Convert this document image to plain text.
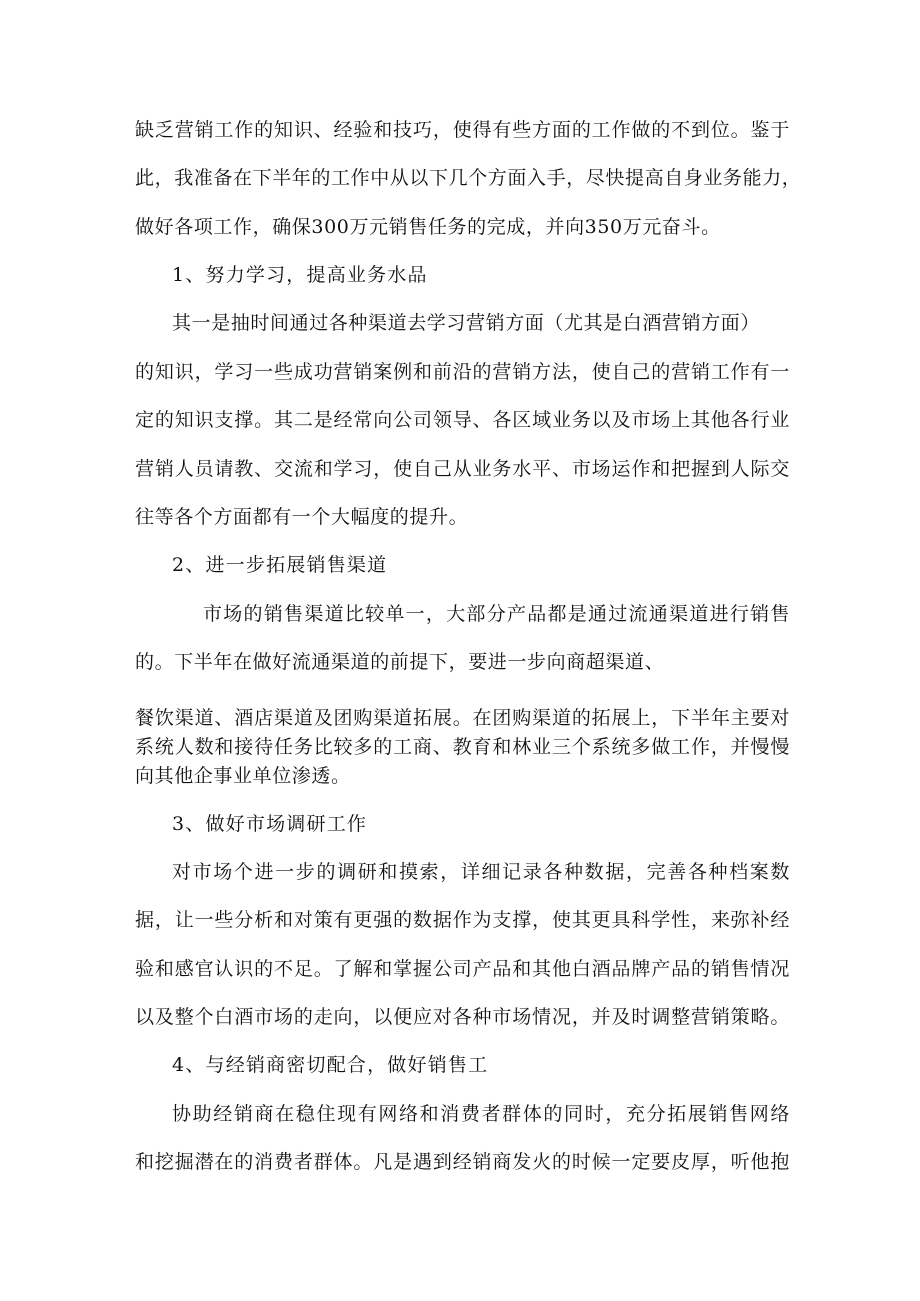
缺乏营销工作的知识、经验和技巧，使得有些方面的工作做的不到位。鉴于
此，我准备在下半年的工作中从以下几个方面入手，尽快提高自身业务能力，
做好各项工作，确保300万元销售任务的完成，并向350万元奋斗。
1、努力学习，提高业务水品
其一是抽时间通过各种渠道去学习营销方面（尤其是白酒营销方面）
的知识，学习一些成功营销案例和前沿的营销方法，使自己的营销工作有一
定的知识支撑。其二是经常向公司领导、各区域业务以及市场上其他各行业
营销人员请教、交流和学习，使自己从业务水平、市场运作和把握到人际交
往等各个方面都有一个大幅度的提升。
2、进一步拓展销售渠道
市场的销售渠道比较单一，大部分产品都是通过流通渠道进行销售
的。下半年在做好流通渠道的前提下，要进一步向商超渠道、
餐饮渠道、酒店渠道及团购渠道拓展。在团购渠道的拓展上，下半年主要对
系统人数和接待任务比较多的工商、教育和林业三个系统多做工作，并慢慢
向其他企事业单位渗透。
3、做好市场调研工作
对市场个进一步的调研和摸索，详细记录各种数据，完善各种档案数
据，让一些分析和对策有更强的数据作为支撑，使其更具科学性，来弥补经
验和感官认识的不足。了解和掌握公司产品和其他白酒品牌产品的销售情况
以及整个白酒市场的走向，以便应对各种市场情况，并及时调整营销策略。
4、与经销商密切配合，做好销售工
协助经销商在稳住现有网络和消费者群体的同时，充分拓展销售网络
和挖掘潜在的消费者群体。凡是遇到经销商发火的时候一定要皮厚，听他抱
